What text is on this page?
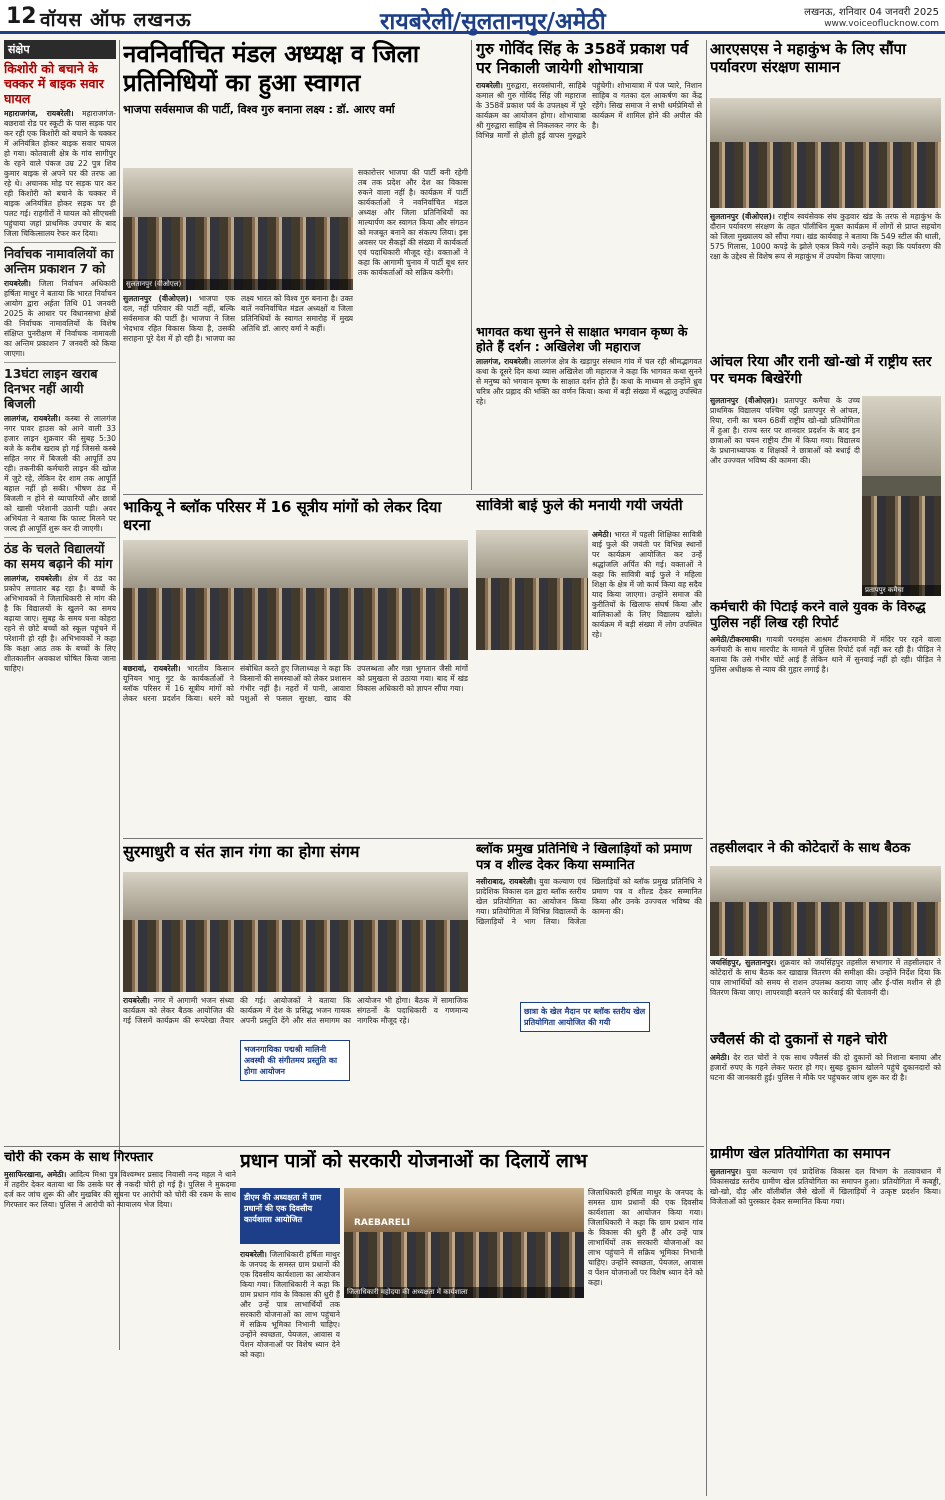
12 वॉयस ऑफ लखनऊ	रायबरेली/सुलतानपुर/अमेठी	लखनऊ, शनिवार 04 जनवरी 2025
www.voiceoflucknow.com
संक्षेप
किशोरी को बचाने के चक्कर में बाइक सवार घायल
महाराजगंज, रायबरेली। महाराजगंज-बछरावां रोड पर स्कूटी के पास सड़क पार कर रही एक किशोरी को बचाने के चक्कर में अनियंत्रित होकर बाइक सवार घायल हो गया। कोतवाली क्षेत्र के गांव सागीपुर के रहने वाले पंकज उम्र 22 पुत्र शिव कुमार बाइक से अपने घर की तरफ आ रहे थे। अचानक मोड़ पर सड़क पार कर रही किशोरी को बचाने के चक्कर में बाइक अनियंत्रित होकर सड़क पर ही पलट गई। राहगीरों ने घायल को सीएचसी पहुंचाया जहां प्राथमिक उपचार के बाद जिला चिकित्सालय रेफर कर दिया।
निर्वाचक नामावलियों का अन्तिम प्रकाशन 7 को
रायबरेली। जिला निर्वाचन अधिकारी हर्षिता माथुर ने बताया कि भारत निर्वाचन आयोग द्वारा अर्हता तिथि 01 जनवरी 2025 के आधार पर विधानसभा क्षेत्रों की निर्वाचक नामावलियों के विशेष संक्षिप्त पुनरीक्षण में निर्वाचक नामावली का अन्तिम प्रकाशन 7 जनवरी को किया जाएगा।
13घंटा लाइन खराब दिनभर नहीं आयी बिजली
लालगंज, रायबरेली। कस्बा से लालगंज नगर पावर हाउस को आने वाली 33 हजार लाइन शुक्रवार की सुबह 5:30 बजे के करीब खराब हो गई जिससे कस्बे सहित नगर में बिजली की आपूर्ति ठप रही। तकनीकी कर्मचारी लाइन की खोज में जुटे रहे, लेकिन देर शाम तक आपूर्ति बहाल नहीं हो सकी। भीषण ठंड में बिजली न होने से व्यापारियों और छात्रों को खासी परेशानी उठानी पड़ी। अवर अभियंता ने बताया कि फाल्ट मिलने पर जल्द ही आपूर्ति शुरू कर दी जाएगी।
ठंड के चलते विद्यालयों का समय बढ़ाने की मांग
लालगंज, रायबरेली। क्षेत्र में ठंड का प्रकोप लगातार बढ़ रहा है। बच्चों के अभिभावकों ने जिलाधिकारी से मांग की है कि विद्यालयों के खुलने का समय बढ़ाया जाए। सुबह के समय घना कोहरा रहने से छोटे बच्चों को स्कूल पहुंचने में परेशानी हो रही है। अभिभावकों ने कहा कि कक्षा आठ तक के बच्चों के लिए शीतकालीन अवकाश घोषित किया जाना चाहिए।
नवनिर्वाचित मंडल अध्यक्ष व जिला प्रतिनिधियों का हुआ स्वागत
भाजपा सर्वसमाज की पार्टी, विश्व गुरु बनाना लक्ष्य : डॉ. आरए वर्मा
सुलतानपुर (वीओएल)
सकारोत्तर भाजपा की पार्टी बनी रहेगी तब तक प्रदेश और देश का विकास रुकने वाला नहीं है। कार्यक्रम में पार्टी कार्यकर्ताओं ने नवनिर्वाचित मंडल अध्यक्ष और जिला प्रतिनिधियों का माल्यार्पण कर स्वागत किया और संगठन को मजबूत बनाने का संकल्प लिया। इस अवसर पर सैकड़ों की संख्या में कार्यकर्ता एवं पदाधिकारी मौजूद रहे। वक्ताओं ने कहा कि आगामी चुनाव में पार्टी बूथ स्तर तक कार्यकर्ताओं को सक्रिय करेगी।
सुलतानपुर (वीओएल)। भाजपा एक दल, नहीं परिवार की पार्टी नहीं, बल्कि सर्वसमाज की पार्टी है। भाजपा ने जिस भेदभाव रहित विकास किया है, उसकी सराहना पूरे देश में हो रही है। भाजपा का लक्ष्य भारत को विश्व गुरु बनाना है। उक्त बातें नवनिर्वाचित मंडल अध्यक्षों व जिला प्रतिनिधियों के स्वागत समारोह में मुख्य अतिथि डॉ. आरए वर्मा ने कहीं।
गुरु गोविंद सिंह के 358वें प्रकाश पर्व पर निकाली जायेगी शोभायात्रा
रायबरेली। गुरुद्वारा, सरवसंघानी, साहिबे कमाल श्री गुरु गोविंद सिंह जी महाराज के 358वें प्रकाश पर्व के उपलक्ष्य में पूरे कार्यक्रम का आयोजन होगा। शोभायात्रा श्री गुरुद्वारा साहिब से निकलकर नगर के विभिन्न मार्गों से होती हुई वापस गुरुद्वारे पहुंचेगी। शोभायात्रा में पंज प्यारे, निशान साहिब व गतका दल आकर्षण का केंद्र रहेंगे। सिख समाज ने सभी धर्मप्रेमियों से कार्यक्रम में शामिल होने की अपील की है।
भागवत कथा सुनने से साक्षात भगवान कृष्ण के होते हैं दर्शन : अखिलेश जी महाराज
लालगंज, रायबरेली। लालगंज क्षेत्र के खड़ापुर संस्थान गांव में चल रही श्रीमद्भागवत कथा के दूसरे दिन कथा व्यास अखिलेश जी महाराज ने कहा कि भागवत कथा सुनने से मनुष्य को भगवान कृष्ण के साक्षात दर्शन होते हैं। कथा के माध्यम से उन्होंने ध्रुव चरित्र और प्रह्लाद की भक्ति का वर्णन किया। कथा में बड़ी संख्या में श्रद्धालु उपस्थित रहे।
आरएसएस ने महाकुंभ के लिए सौंपा पर्यावरण संरक्षण सामान
सुलतानपुर (वीओएल)। राष्ट्रीय स्वयंसेवक संघ कुड़वार खंड के तरफ से महाकुंभ के दौरान पर्यावरण संरक्षण के तहत पॉलीथिन मुक्त कार्यक्रम में लोगों से प्राप्त सहयोग को जिला मुख्यालय को सौंपा गया। खंड कार्यवाह ने बताया कि 549 स्टील की थाली, 575 गिलास, 1000 कपड़े के झोले एकत्र किये गये। उन्होंने कहा कि पर्यावरण की रक्षा के उद्देश्य से विशेष रूप से महाकुंभ में उपयोग किया जाएगा।
आंचल रिया और रानी खो-खो में राष्ट्रीय स्तर पर चमक बिखेरेंगी
सुलतानपुर (वीओएल)। प्रतापपुर कमैचा के उच्च प्राथमिक विद्यालय पश्चिम पट्टी प्रतापपुर से आंचल, रिया, रानी का चयन 68वीं राष्ट्रीय खो-खो प्रतियोगिता में हुआ है। राज्य स्तर पर शानदार प्रदर्शन के बाद इन छात्राओं का चयन राष्ट्रीय टीम में किया गया। विद्यालय के प्रधानाध्यापक व शिक्षकों ने छात्राओं को बधाई दी और उज्ज्वल भविष्य की कामना की।
प्रतापपुर कमैचा
कर्मचारी की पिटाई करने वाले युवक के विरुद्ध पुलिस नहीं लिख रही रिपोर्ट
अमेठी/टीकरमाफी। गायत्री परमहंस आश्रम टीकरमाफी में मंदिर पर रहने वाला कर्मचारी के साथ मारपीट के मामले में पुलिस रिपोर्ट दर्ज नहीं कर रही है। पीड़ित ने बताया कि उसे गंभीर चोटें आई हैं लेकिन थाने में सुनवाई नहीं हो रही। पीड़ित ने पुलिस अधीक्षक से न्याय की गुहार लगाई है।
तहसीलदार ने की कोटेदारों के साथ बैठक
जयसिंहपुर, सुलतानपुर। शुक्रवार को जयसिंहपुर तहसील सभागार में तहसीलदार ने कोटेदारों के साथ बैठक कर खाद्यान्न वितरण की समीक्षा की। उन्होंने निर्देश दिया कि पात्र लाभार्थियों को समय से राशन उपलब्ध कराया जाए और ई-पॉस मशीन से ही वितरण किया जाए। लापरवाही बरतने पर कार्रवाई की चेतावनी दी।
ज्वैलर्स की दो दुकानों से गहने चोरी
अमेठी। देर रात चोरों ने एक साथ ज्वैलर्स की दो दुकानों को निशाना बनाया और हजारों रुपए के गहने लेकर फरार हो गए। सुबह दुकान खोलने पहुंचे दुकानदारों को घटना की जानकारी हुई। पुलिस ने मौके पर पहुंचकर जांच शुरू कर दी है।
ग्रामीण खेल प्रतियोगिता का समापन
सुलतानपुर। युवा कल्याण एवं प्रादेशिक विकास दल विभाग के तत्वावधान में विकासखंड स्तरीय ग्रामीण खेल प्रतियोगिता का समापन हुआ। प्रतियोगिता में कबड्डी, खो-खो, दौड़ और वॉलीबॉल जैसे खेलों में खिलाड़ियों ने उत्कृष्ट प्रदर्शन किया। विजेताओं को पुरस्कार देकर सम्मानित किया गया।
भाकियू ने ब्लॉक परिसर में 16 सूत्रीय मांगों को लेकर दिया धरना
बछरावां, रायबरेली। भारतीय किसान यूनियन भानु गुट के कार्यकर्ताओं ने ब्लॉक परिसर में 16 सूत्रीय मांगों को लेकर धरना प्रदर्शन किया। धरने को संबोधित करते हुए जिलाध्यक्ष ने कहा कि किसानों की समस्याओं को लेकर प्रशासन गंभीर नहीं है। नहरों में पानी, आवारा पशुओं से फसल सुरक्षा, खाद की उपलब्धता और गन्ना भुगतान जैसी मांगों को प्रमुखता से उठाया गया। बाद में खंड विकास अधिकारी को ज्ञापन सौंपा गया।
सावित्री बाई फुले की मनायी गयी जयंती
अमेठी। भारत में पहली शिक्षिका सावित्री बाई फुले की जयंती पर विभिन्न स्थानों पर कार्यक्रम आयोजित कर उन्हें श्रद्धांजलि अर्पित की गई। वक्ताओं ने कहा कि सावित्री बाई फुले ने महिला शिक्षा के क्षेत्र में जो कार्य किया वह सदैव याद किया जाएगा। उन्होंने समाज की कुरीतियों के खिलाफ संघर्ष किया और बालिकाओं के लिए विद्यालय खोले। कार्यक्रम में बड़ी संख्या में लोग उपस्थित रहे।
सुरमाधुरी व संत ज्ञान गंगा का होगा संगम
रायबरेली। नगर में आगामी भजन संध्या कार्यक्रम को लेकर बैठक आयोजित की गई जिसमें कार्यक्रम की रूपरेखा तैयार की गई। आयोजकों ने बताया कि कार्यक्रम में देश के प्रसिद्ध भजन गायक अपनी प्रस्तुति देंगे और संत समागम का आयोजन भी होगा। बैठक में सामाजिक संगठनों के पदाधिकारी व गणमान्य नागरिक मौजूद रहे।
भजनगायिका पद्मश्री मालिनी अवस्थी की संगीतमय प्रस्तुति का होगा आयोजन
ब्लॉक प्रमुख प्रतिनिधि ने खिलाड़ियों को प्रमाण पत्र व शील्ड देकर किया सम्मानित
नसीराबाद, रायबरेली। युवा कल्याण एवं प्रादेशिक विकास दल द्वारा ब्लॉक स्तरीय खेल प्रतियोगिता का आयोजन किया गया। प्रतियोगिता में विभिन्न विद्यालयों के खिलाड़ियों ने भाग लिया। विजेता खिलाड़ियों को ब्लॉक प्रमुख प्रतिनिधि ने प्रमाण पत्र व शील्ड देकर सम्मानित किया और उनके उज्ज्वल भविष्य की कामना की।
छात्रा के खेल मैदान पर ब्लॉक स्तरीय खेल प्रतियोगिता आयोजित की गयी
चोरी की रकम के साथ गिरफ्तार
मुसाफिरखाना, अमेठी। आदित्य मिश्रा पुत्र विश्वम्भर प्रसाद निवासी नन्द महल ने थाने में तहरीर देकर बताया था कि उसके घर से नकदी चोरी हो गई है। पुलिस ने मुकदमा दर्ज कर जांच शुरू की और मुखबिर की सूचना पर आरोपी को चोरी की रकम के साथ गिरफ्तार कर लिया। पुलिस ने आरोपी को न्यायालय भेज दिया।
प्रधान पात्रों को सरकारी योजनाओं का दिलायें लाभ
डीएम की अध्यक्षता में ग्राम प्रधानों की एक दिवसीय कार्यशाला आयोजित	RAEBARELI
जिलाधिकारी महोदया की अध्यक्षता में कार्यशाला
रायबरेली। जिलाधिकारी हर्षिता माथुर के जनपद के समस्त ग्राम प्रधानों की एक दिवसीय कार्यशाला का आयोजन किया गया। जिलाधिकारी ने कहा कि ग्राम प्रधान गांव के विकास की धुरी हैं और उन्हें पात्र लाभार्थियों तक सरकारी योजनाओं का लाभ पहुंचाने में सक्रिय भूमिका निभानी चाहिए। उन्होंने स्वच्छता, पेयजल, आवास व पेंशन योजनाओं पर विशेष ध्यान देने को कहा।
जिलाधिकारी हर्षिता माथुर के जनपद के समस्त ग्राम प्रधानों की एक दिवसीय कार्यशाला का आयोजन किया गया। जिलाधिकारी ने कहा कि ग्राम प्रधान गांव के विकास की धुरी हैं और उन्हें पात्र लाभार्थियों तक सरकारी योजनाओं का लाभ पहुंचाने में सक्रिय भूमिका निभानी चाहिए। उन्होंने स्वच्छता, पेयजल, आवास व पेंशन योजनाओं पर विशेष ध्यान देने को कहा।
